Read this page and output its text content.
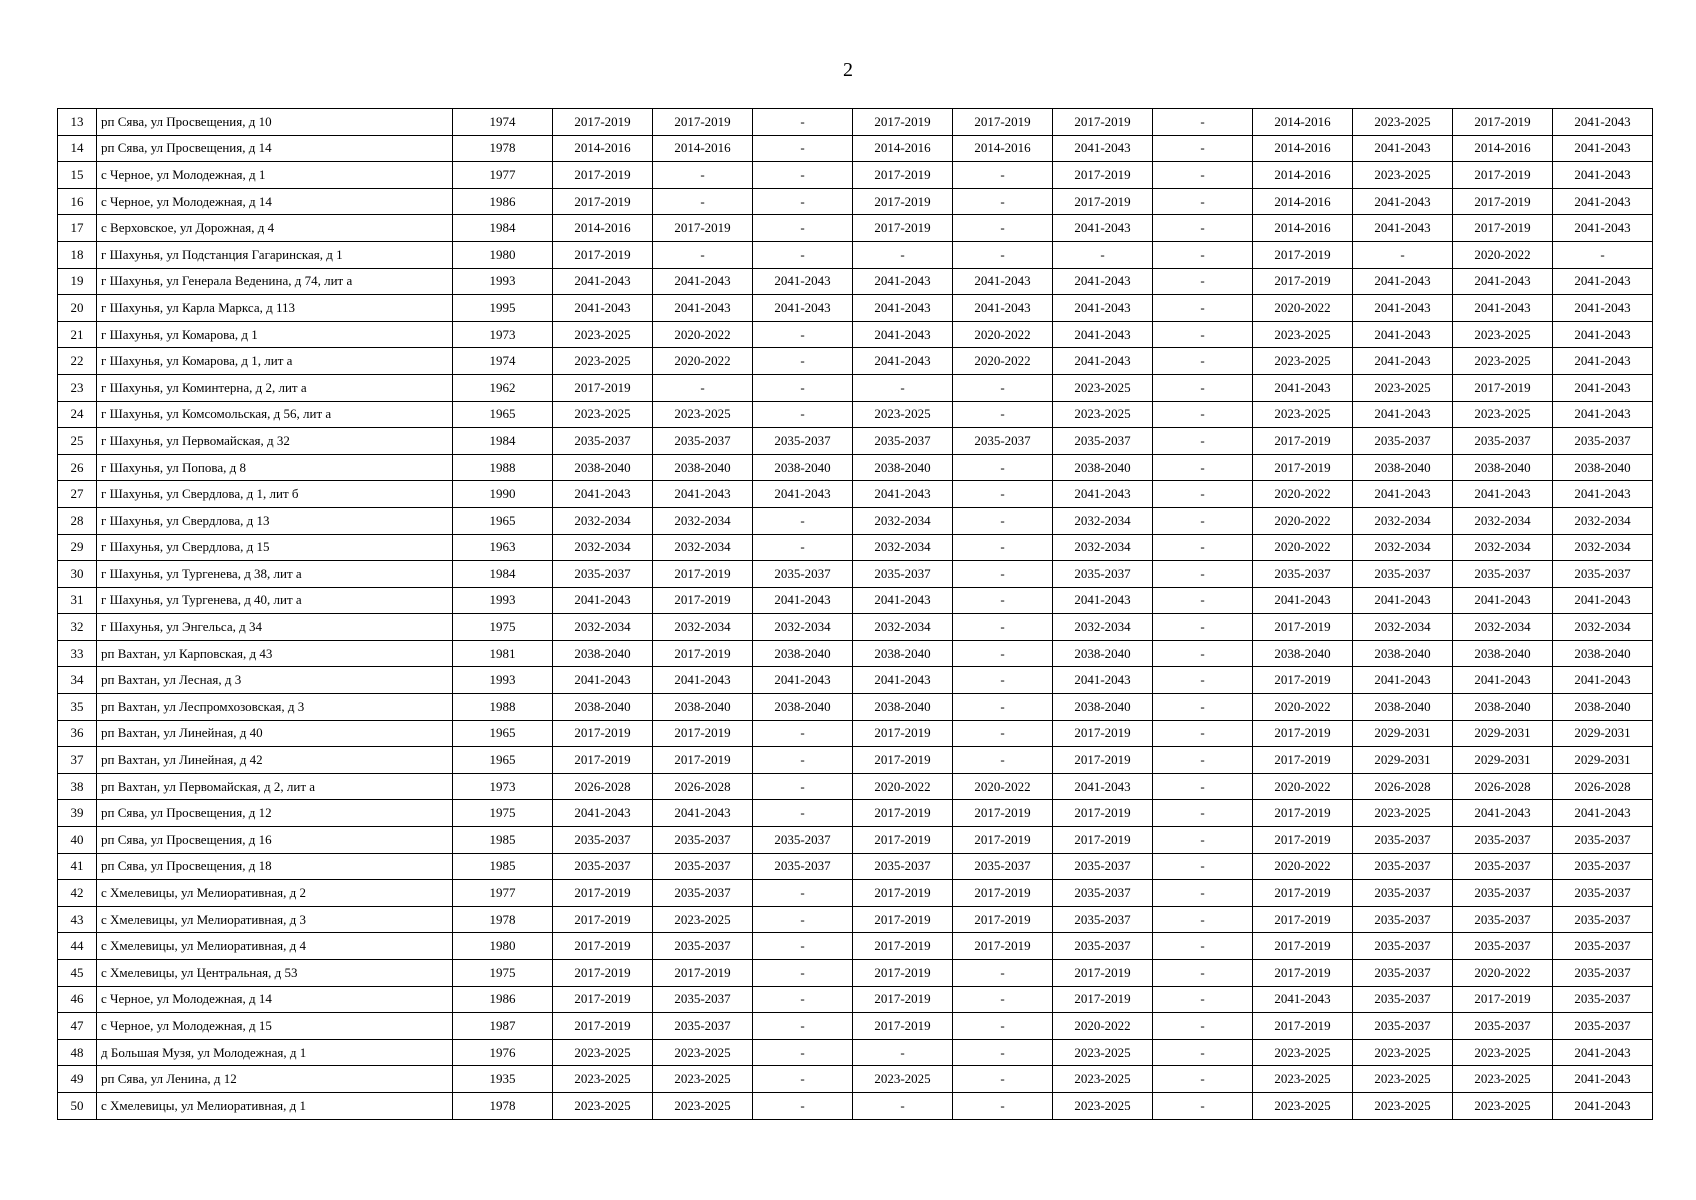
2
13	рп Сява, ул Просвещения, д 10	1974	2017-2019	2017-2019	-	2017-2019	2017-2019	2017-2019	-	2014-2016	2023-2025	2017-2019	2041-2043
14	рп Сява, ул Просвещения, д 14	1978	2014-2016	2014-2016	-	2014-2016	2014-2016	2041-2043	-	2014-2016	2041-2043	2014-2016	2041-2043
15	с Черное, ул Молодежная, д 1	1977	2017-2019	-	-	2017-2019	-	2017-2019	-	2014-2016	2023-2025	2017-2019	2041-2043
16	с Черное, ул Молодежная, д 14	1986	2017-2019	-	-	2017-2019	-	2017-2019	-	2014-2016	2041-2043	2017-2019	2041-2043
17	с Верховское, ул Дорожная, д 4	1984	2014-2016	2017-2019	-	2017-2019	-	2041-2043	-	2014-2016	2041-2043	2017-2019	2041-2043
18	г Шахунья, ул Подстанция Гагаринская, д 1	1980	2017-2019	-	-	-	-	-	-	2017-2019	-	2020-2022	-
19	г Шахунья, ул Генерала Веденина, д 74, лит а	1993	2041-2043	2041-2043	2041-2043	2041-2043	2041-2043	2041-2043	-	2017-2019	2041-2043	2041-2043	2041-2043
20	г Шахунья, ул Карла Маркса, д 113	1995	2041-2043	2041-2043	2041-2043	2041-2043	2041-2043	2041-2043	-	2020-2022	2041-2043	2041-2043	2041-2043
21	г Шахунья, ул Комарова, д 1	1973	2023-2025	2020-2022	-	2041-2043	2020-2022	2041-2043	-	2023-2025	2041-2043	2023-2025	2041-2043
22	г Шахунья, ул Комарова, д 1, лит а	1974	2023-2025	2020-2022	-	2041-2043	2020-2022	2041-2043	-	2023-2025	2041-2043	2023-2025	2041-2043
23	г Шахунья, ул Коминтерна, д 2, лит а	1962	2017-2019	-	-	-	-	2023-2025	-	2041-2043	2023-2025	2017-2019	2041-2043
24	г Шахунья, ул Комсомольская, д 56, лит а	1965	2023-2025	2023-2025	-	2023-2025	-	2023-2025	-	2023-2025	2041-2043	2023-2025	2041-2043
25	г Шахунья, ул Первомайская, д 32	1984	2035-2037	2035-2037	2035-2037	2035-2037	2035-2037	2035-2037	-	2017-2019	2035-2037	2035-2037	2035-2037
26	г Шахунья, ул Попова, д 8	1988	2038-2040	2038-2040	2038-2040	2038-2040	-	2038-2040	-	2017-2019	2038-2040	2038-2040	2038-2040
27	г Шахунья, ул Свердлова, д 1, лит б	1990	2041-2043	2041-2043	2041-2043	2041-2043	-	2041-2043	-	2020-2022	2041-2043	2041-2043	2041-2043
28	г Шахунья, ул Свердлова, д 13	1965	2032-2034	2032-2034	-	2032-2034	-	2032-2034	-	2020-2022	2032-2034	2032-2034	2032-2034
29	г Шахунья, ул Свердлова, д 15	1963	2032-2034	2032-2034	-	2032-2034	-	2032-2034	-	2020-2022	2032-2034	2032-2034	2032-2034
30	г Шахунья, ул Тургенева, д 38, лит а	1984	2035-2037	2017-2019	2035-2037	2035-2037	-	2035-2037	-	2035-2037	2035-2037	2035-2037	2035-2037
31	г Шахунья, ул Тургенева, д 40, лит а	1993	2041-2043	2017-2019	2041-2043	2041-2043	-	2041-2043	-	2041-2043	2041-2043	2041-2043	2041-2043
32	г Шахунья, ул Энгельса, д 34	1975	2032-2034	2032-2034	2032-2034	2032-2034	-	2032-2034	-	2017-2019	2032-2034	2032-2034	2032-2034
33	рп Вахтан, ул Карповская, д 43	1981	2038-2040	2017-2019	2038-2040	2038-2040	-	2038-2040	-	2038-2040	2038-2040	2038-2040	2038-2040
34	рп Вахтан, ул Лесная, д 3	1993	2041-2043	2041-2043	2041-2043	2041-2043	-	2041-2043	-	2017-2019	2041-2043	2041-2043	2041-2043
35	рп Вахтан, ул Леспромхозовская, д 3	1988	2038-2040	2038-2040	2038-2040	2038-2040	-	2038-2040	-	2020-2022	2038-2040	2038-2040	2038-2040
36	рп Вахтан, ул Линейная, д 40	1965	2017-2019	2017-2019	-	2017-2019	-	2017-2019	-	2017-2019	2029-2031	2029-2031	2029-2031
37	рп Вахтан, ул Линейная, д 42	1965	2017-2019	2017-2019	-	2017-2019	-	2017-2019	-	2017-2019	2029-2031	2029-2031	2029-2031
38	рп Вахтан, ул Первомайская, д 2, лит а	1973	2026-2028	2026-2028	-	2020-2022	2020-2022	2041-2043	-	2020-2022	2026-2028	2026-2028	2026-2028
39	рп Сява, ул Просвещения, д 12	1975	2041-2043	2041-2043	-	2017-2019	2017-2019	2017-2019	-	2017-2019	2023-2025	2041-2043	2041-2043
40	рп Сява, ул Просвещения, д 16	1985	2035-2037	2035-2037	2035-2037	2017-2019	2017-2019	2017-2019	-	2017-2019	2035-2037	2035-2037	2035-2037
41	рп Сява, ул Просвещения, д 18	1985	2035-2037	2035-2037	2035-2037	2035-2037	2035-2037	2035-2037	-	2020-2022	2035-2037	2035-2037	2035-2037
42	с Хмелевицы, ул Мелиоративная, д 2	1977	2017-2019	2035-2037	-	2017-2019	2017-2019	2035-2037	-	2017-2019	2035-2037	2035-2037	2035-2037
43	с Хмелевицы, ул Мелиоративная, д 3	1978	2017-2019	2023-2025	-	2017-2019	2017-2019	2035-2037	-	2017-2019	2035-2037	2035-2037	2035-2037
44	с Хмелевицы, ул Мелиоративная, д 4	1980	2017-2019	2035-2037	-	2017-2019	2017-2019	2035-2037	-	2017-2019	2035-2037	2035-2037	2035-2037
45	с Хмелевицы, ул Центральная, д 53	1975	2017-2019	2017-2019	-	2017-2019	-	2017-2019	-	2017-2019	2035-2037	2020-2022	2035-2037
46	с Черное, ул Молодежная, д 14	1986	2017-2019	2035-2037	-	2017-2019	-	2017-2019	-	2041-2043	2035-2037	2017-2019	2035-2037
47	с Черное, ул Молодежная, д 15	1987	2017-2019	2035-2037	-	2017-2019	-	2020-2022	-	2017-2019	2035-2037	2035-2037	2035-2037
48	д Большая Музя, ул Молодежная, д 1	1976	2023-2025	2023-2025	-	-	-	2023-2025	-	2023-2025	2023-2025	2023-2025	2041-2043
49	рп Сява, ул Ленина, д 12	1935	2023-2025	2023-2025	-	2023-2025	-	2023-2025	-	2023-2025	2023-2025	2023-2025	2041-2043
50	с Хмелевицы, ул Мелиоративная, д 1	1978	2023-2025	2023-2025	-	-	-	2023-2025	-	2023-2025	2023-2025	2023-2025	2041-2043
